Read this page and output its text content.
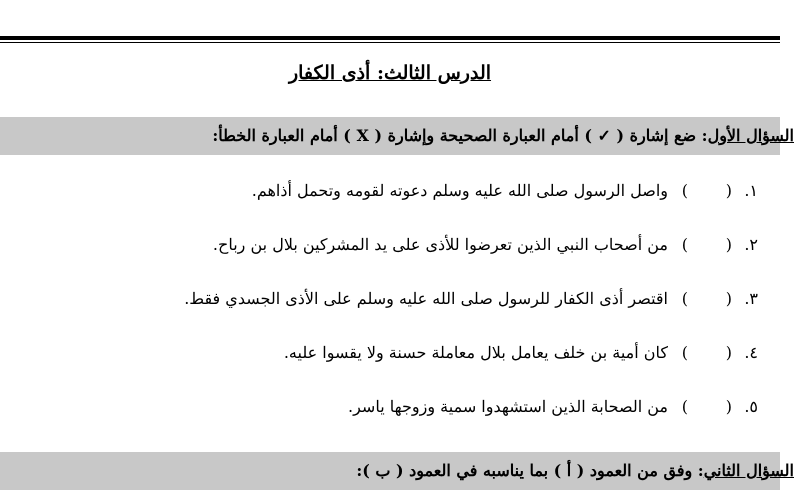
الدرس الثالث: أذى الكفار
السؤال الأول: ضع إشارة ( ✓ ) أمام العبارة الصحيحة وإشارة ( X ) أمام العبارة الخطأ:
١.
(
)
واصل الرسول صلى الله عليه وسلم دعوته لقومه وتحمل أذاهم.
٢.
(
)
من أصحاب النبي الذين تعرضوا للأذى على يد المشركين بلال بن رباح.
٣.
(
)
اقتصر أذى الكفار للرسول صلى الله عليه وسلم على الأذى الجسدي فقط.
٤.
(
)
كان أمية بن خلف يعامل بلال معاملة حسنة ولا يقسوا عليه.
٥.
(
)
من الصحابة الذين استشهدوا سمية وزوجها ياسر.
السؤال الثاني: وفق من العمود ( أ ) بما يناسبه في العمود ( ب ):
